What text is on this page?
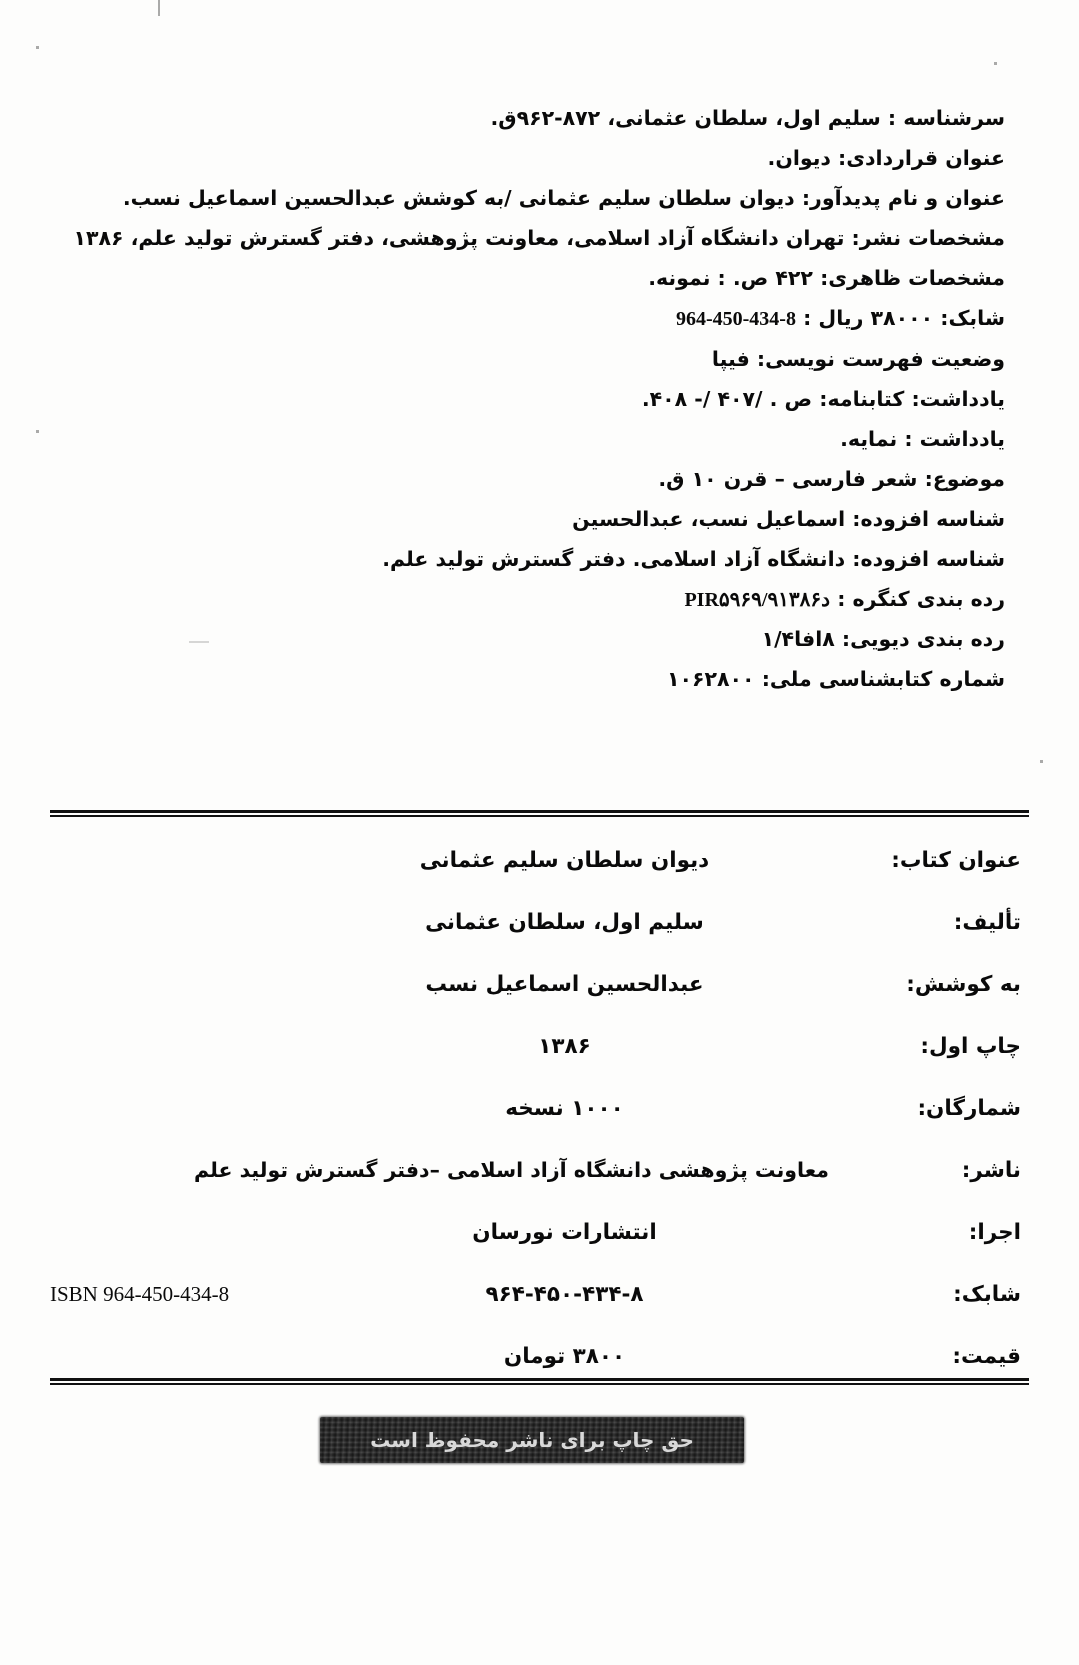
سرشناسه : سلیم اول، سلطان عثمانی، ۸۷۲-۹۶۲ق.
عنوان قراردادی: دیوان.
عنوان و نام پدیدآور: دیوان سلطان سلیم عثمانی /به کوشش عبدالحسین اسماعیل نسب.
مشخصات نشر: تهران دانشگاه آزاد اسلامی، معاونت پژوهشی، دفتر گسترش تولید علم، ۱۳۸۶
مشخصات ظاهری: ۴۲۲ ص. : نمونه.
شابک: ۳۸۰۰۰ ریال : 964-450-434-8
وضعیت فهرست نویسی: فیپا
یادداشت: کتابنامه: ص . /۴۰۷ /- ۴۰۸.
یادداشت : نمایه.
موضوع: شعر فارسی – قرن ۱۰ ق.
شناسه افزوده: اسماعیل نسب، عبدالحسین
شناسه افزوده: دانشگاه آزاد اسلامی. دفتر گسترش تولید علم.
رده بندی کنگره : PIR۵۹۶۹/د۹۱۳۸۶
رده بندی دیویی: ۸افا۱/۴
شماره کتابشناسی ملی: ۱۰۶۲۸۰۰
عنوان کتاب:
دیوان سلطان سلیم عثمانی
تألیف:
سلیم اول، سلطان عثمانی
به کوشش:
عبدالحسین اسماعیل نسب
چاپ اول:
۱۳۸۶
شمارگان:
۱۰۰۰ نسخه
ناشر:
معاونت پژوهشی دانشگاه آزاد اسلامی –دفتر گسترش تولید علم
اجرا:
انتشارات نورسان
شابک:
۹۶۴-۴۵۰-۴۳۴-۸
ISBN 964-450-434-8
قیمت:
۳۸۰۰ تومان
حق چاپ برای ناشر محفوظ است
